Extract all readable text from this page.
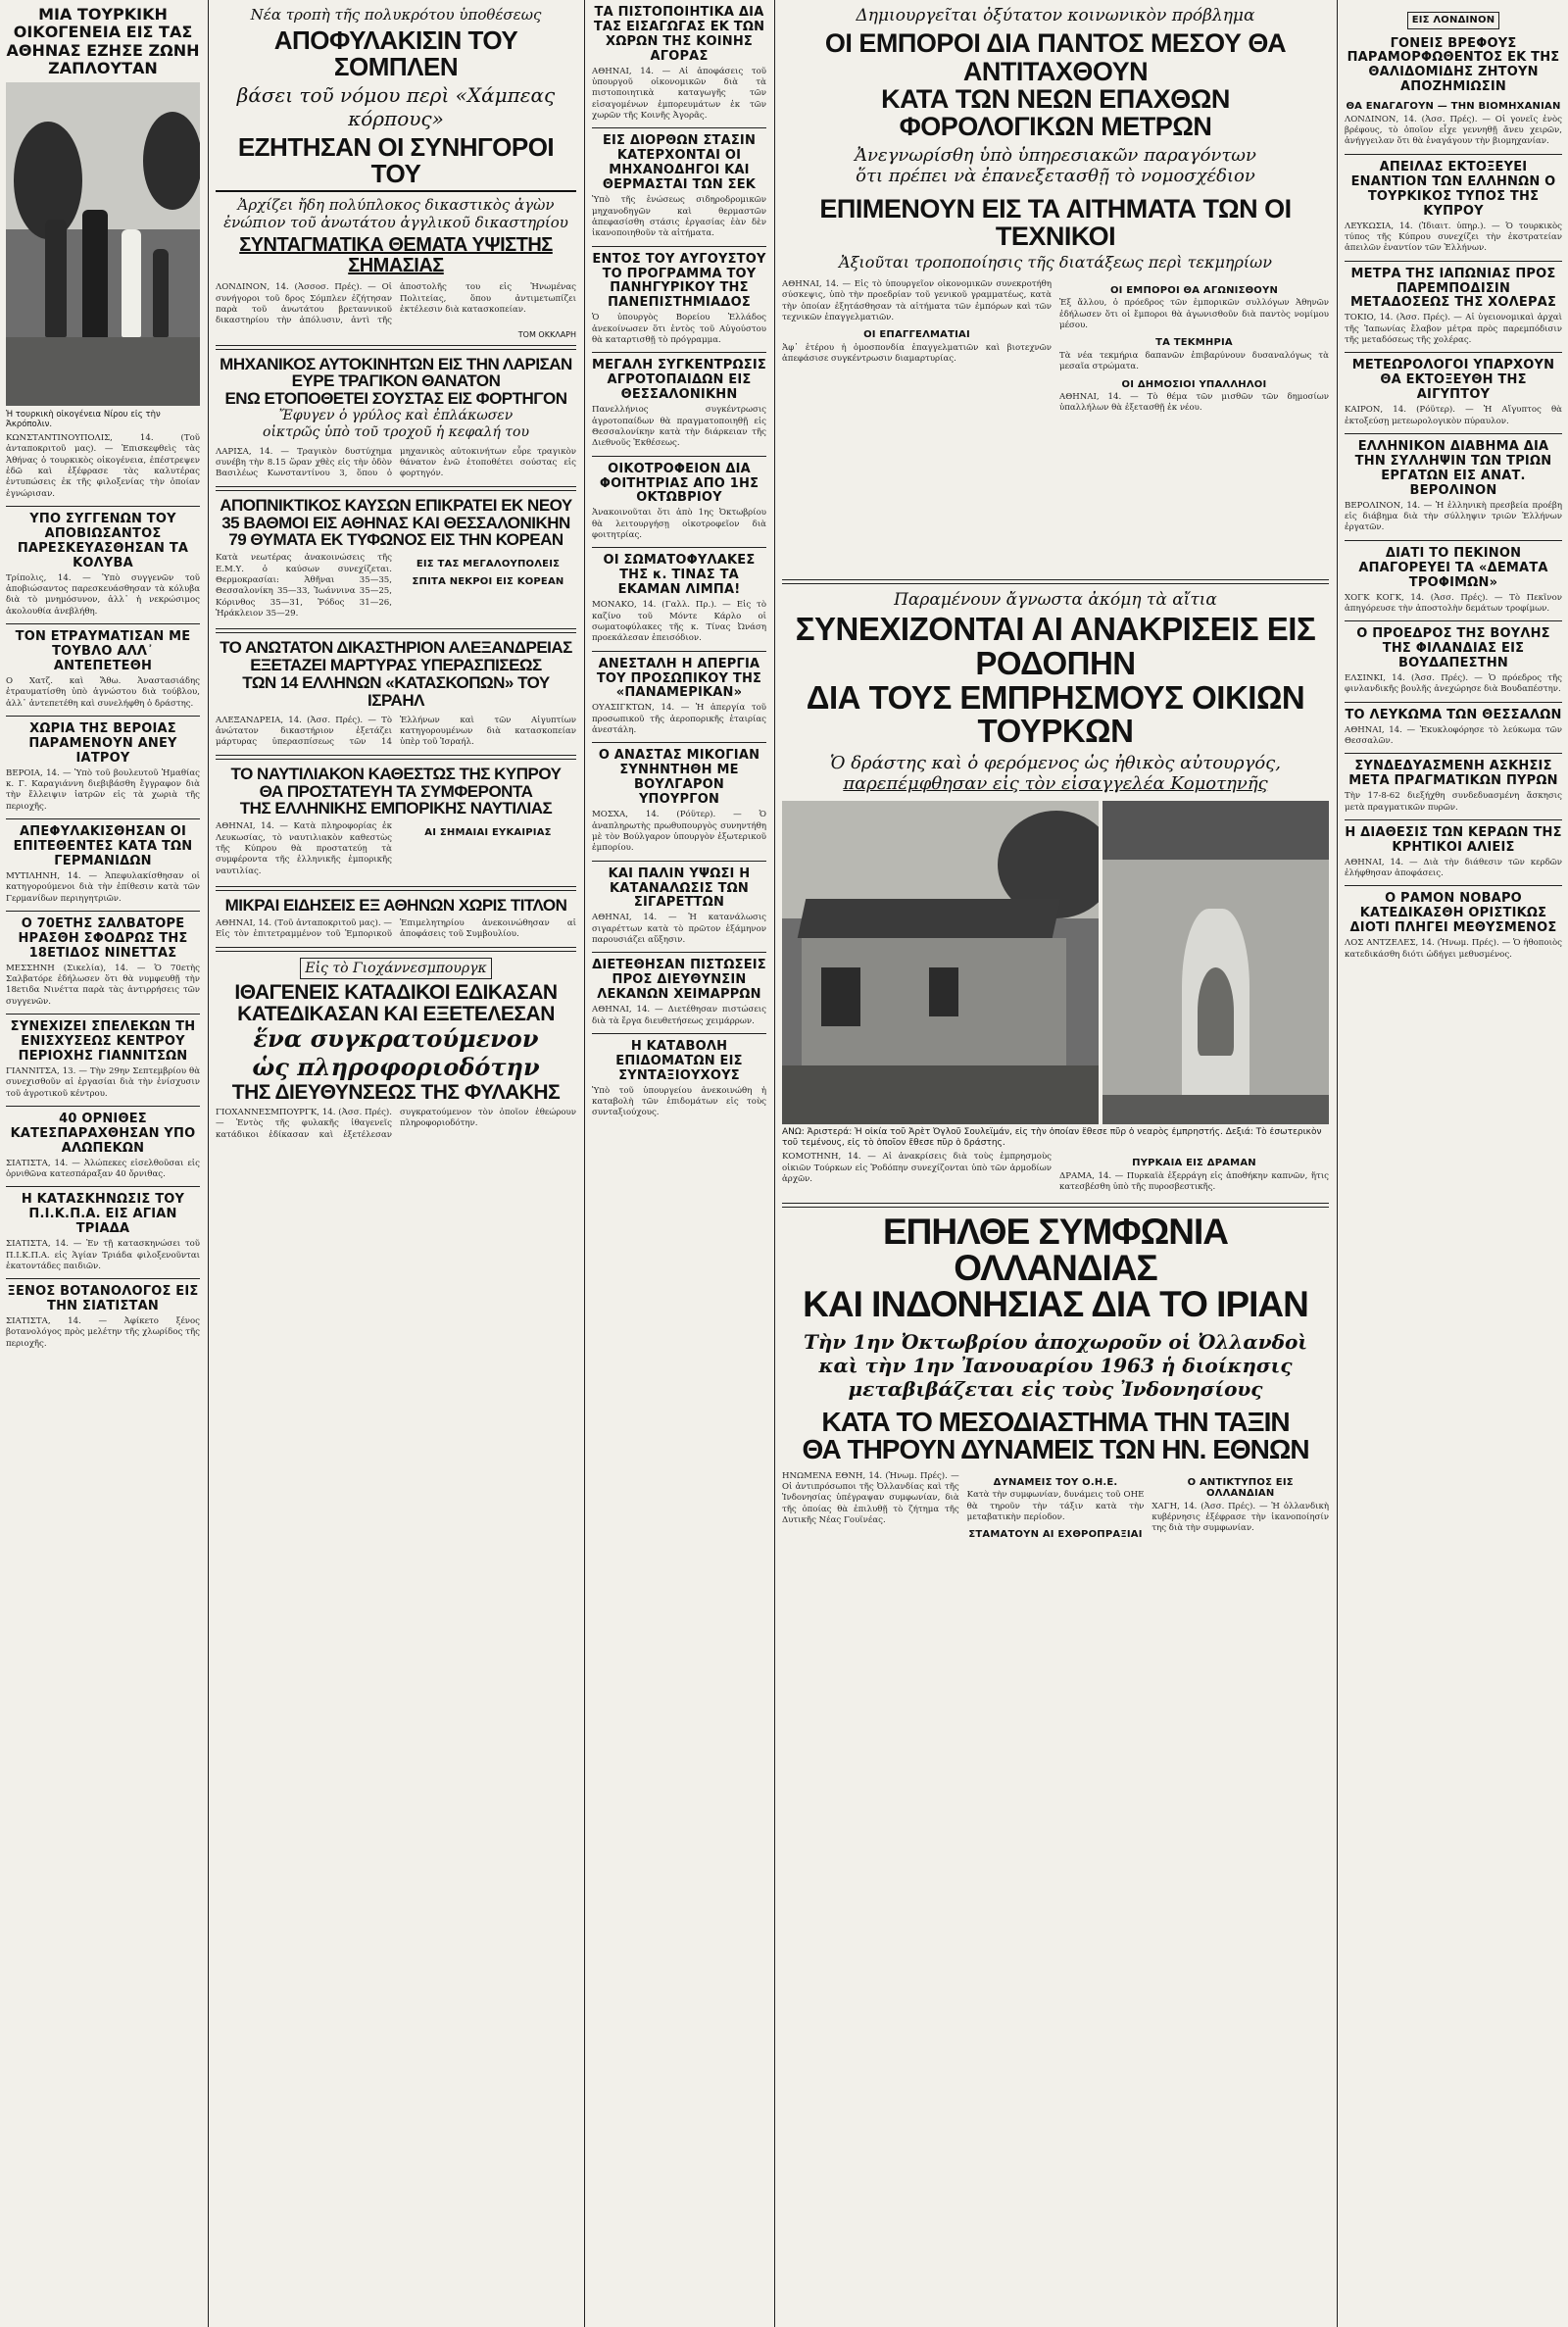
ΜΙΑ ΤΟΥΡΚΙΚΗ ΟΙΚΟΓΕΝΕΙΑ ΕΙΣ ΤΑΣ ΑΘΗΝΑΣ ΕΖΗΣΕ ΖΩΝΗ ΖΑΠΛΟΥΤΑΝ
Ἡ τουρκικὴ οἰκογένεια Νίρου εἰς τὴν Ἀκρόπολιν.

ΚΩΝΣΤΑΝΤΙΝΟΥΠΟΛΙΣ, 14. (Τοῦ ἀνταποκριτοῦ μας). — Ἐπισκεφθεὶς τὰς Ἀθήνας ὁ τουρκικὸς οἰκογένεια, ἐπέστρεψεν ἐδῶ καὶ ἐξέφρασε τὰς καλυτέρας ἐντυπώσεις ἐκ τῆς φιλοξενίας τὴν ὁποίαν ἐγνώρισαν.

ΥΠΟ ΣΥΓΓΕΝΩΝ ΤΟΥ ΑΠΟΒΙΩΣΑΝΤΟΣ ΠΑΡΕΣΚΕΥΑΣΘΗΣΑΝ ΤΑ ΚΟΛΥΒΑ

Τρίπολις, 14. — Ὑπὸ συγγενῶν τοῦ ἀποβιώσαντος παρεσκευάσθησαν τὰ κόλυβα διὰ τὸ μνημόσυνον, ἀλλ᾽ ἡ νεκρώσιμος ἀκολουθία ἀνεβλήθη.

ΤΟΝ ΕΤΡΑΥΜΑΤΙΣΑΝ ΜΕ ΤΟΥΒΛΟ ΑΛΛ᾽ ΑΝΤΕΠΕΤΕΘΗ

Ο Χατζ. καὶ Ἄθω. Ἀναστασιάδης ἐτραυματίσθη ὑπὸ ἀγνώστου διὰ τούβλου, ἀλλ᾽ ἀντεπετέθη καὶ συνελήφθη ὁ δράστης.

ΧΩΡΙΑ ΤΗΣ ΒΕΡΟΙΑΣ ΠΑΡΑΜΕΝΟΥΝ ΑΝΕΥ ΙΑΤΡΟΥ

ΒΕΡΟΙΑ, 14. — Ὑπὸ τοῦ βουλευτοῦ Ἠμαθίας κ. Γ. Καραγιάννη διεβιβάσθη ἔγγραφον διὰ τὴν ἔλλειψιν ἰατρῶν εἰς τὰ χωριὰ τῆς περιοχῆς.

ΑΠΕΦΥΛΑΚΙΣΘΗΣΑΝ ΟΙ ΕΠΙΤΕΘΕΝΤΕΣ ΚΑΤΑ ΤΩΝ ΓΕΡΜΑΝΙΔΩΝ

ΜΥΤΙΛΗΝΗ, 14. — Ἀπεφυλακίσθησαν οἱ κατηγορούμενοι διὰ τὴν ἐπίθεσιν κατὰ τῶν Γερμανίδων περιηγητριῶν.

Ο 70ΕΤΗΣ ΣΑΛΒΑΤΟΡΕ ΗΡΑΣΘΗ ΣΦΟΔΡΩΣ ΤΗΣ 18ΕΤΙΔΟΣ ΝΙΝΕΤΤΑΣ

ΜΕΣΣΗΝΗ (Σικελία), 14. — Ὁ 70ετὴς Σαλβατόρε ἐδήλωσεν ὅτι θὰ νυμφευθῇ τὴν 18ετιδα Νινέττα παρὰ τὰς ἀντιρρήσεις τῶν συγγενῶν.

ΣΥΝΕΧΙΖΕΙ ΣΠΕΛΕΚΩΝ ΤΗ ΕΝΙΣΧΥΣΕΩΣ ΚΕΝΤΡΟΥ ΠΕΡΙΟΧΗΣ ΓΙΑΝΝΙΤΣΩΝ

ΓΙΑΝΝΙΤΣΑ, 13. — Τὴν 29ην Σεπτεμβρίου θὰ συνεχισθοῦν αἱ ἐργασίαι διὰ τὴν ἐνίσχυσιν τοῦ ἀγροτικοῦ κέντρου.

40 ΟΡΝΙΘΕΣ ΚΑΤΕΣΠΑΡΑΧΘΗΣΑΝ ΥΠΟ ΑΛΩΠΕΚΩΝ

ΣΙΑΤΙΣΤΑ, 14. — Ἀλώπεκες εἰσελθοῦσαι εἰς ὀρνιθῶνα κατεσπάραξαν 40 ὄρνιθας.

Η ΚΑΤΑΣΚΗΝΩΣΙΣ ΤΟΥ Π.Ι.Κ.Π.Α. ΕΙΣ ΑΓΙΑΝ ΤΡΙΑΔΑ

ΣΙΑΤΙΣΤΑ, 14. — Ἐν τῇ κατασκηνώσει τοῦ Π.Ι.Κ.Π.Α. εἰς Ἁγίαν Τριάδα φιλοξενοῦνται ἑκατοντάδες παιδιῶν.

ΞΕΝΟΣ ΒΟΤΑΝΟΛΟΓΟΣ ΕΙΣ ΤΗΝ ΣΙΑΤΙΣΤΑΝ

ΣΙΑΤΙΣΤΑ, 14. — Ἀφίκετο ξένος βοτανολόγος πρὸς μελέτην τῆς χλωρίδος τῆς περιοχῆς.

Νέα τροπὴ τῆς πολυκρότου ὑποθέσεως
ΑΠΟΦΥΛΑΚΙΣΙΝ ΤΟΥ ΣΟΜΠΛΕΝ
βάσει τοῦ νόμου περὶ «Χάμπεας κόρπους»
ΕΖΗΤΗΣΑΝ ΟΙ ΣΥΝΗΓΟΡΟΙ ΤΟΥ
Ἀρχίζει ἤδη πολύπλοκος δικαστικὸς ἀγὼν
ἐνώπιον τοῦ ἀνωτάτου ἀγγλικοῦ δικαστηρίου
ΣΥΝΤΑΓΜΑΤΙΚΑ ΘΕΜΑΤΑ ΥΨΙΣΤΗΣ ΣΗΜΑΣΙΑΣ

ΛΟΝΔΙΝΟΝ, 14. (Ἀσσοσ. Πρές). — Οἱ συνήγοροι τοῦ δρος Σόμπλεν ἐζήτησαν παρὰ τοῦ ἀνωτάτου βρεταννικοῦ δικαστηρίου τὴν ἀπόλυσιν, ἀντὶ τῆς ἀποστολῆς του εἰς Ἡνωμένας Πολιτείας, ὅπου ἀντιμετωπίζει ἐκτέλεσιν διὰ κατασκοπείαν.

ΤΟΜ ΟΚΚΛΑΡΗ
ΜΗΧΑΝΙΚΟΣ ΑΥΤΟΚΙΝΗΤΩΝ ΕΙΣ ΤΗΝ ΛΑΡΙΣΑΝ ΕΥΡΕ ΤΡΑΓΙΚΟΝ ΘΑΝΑΤΟΝ
ΕΝΩ ΕΤΟΠΟΘΕΤΕΙ ΣΟΥΣΤΑΣ ΕΙΣ ΦΟΡΤΗΓΟΝ
Ἔφυγεν ὁ γρύλος καὶ ἐπλάκωσεν
οἰκτρῶς ὑπὸ τοῦ τροχοῦ ἡ κεφαλή του

ΛΑΡΙΣΑ, 14. — Τραγικὸν δυστύχημα συνέβη τὴν 8.15 ὥραν χθὲς εἰς τὴν ὁδὸν Βασιλέως Κωνσταντίνου 3, ὅπου ὁ μηχανικὸς αὐτοκινήτων εὗρε τραγικὸν θάνατον ἐνῶ ἐτοποθέτει σούστας εἰς φορτηγόν.

ΑΠΟΠΝΙΚΤΙΚΟΣ ΚΑΥΣΩΝ ΕΠΙΚΡΑΤΕΙ ΕΚ ΝΕΟΥ
35 ΒΑΘΜΟΙ ΕΙΣ ΑΘΗΝΑΣ ΚΑΙ ΘΕΣΣΑΛΟΝΙΚΗΝ
79 ΘΥΜΑΤΑ ΕΚ ΤΥΦΩΝΟΣ ΕΙΣ ΤΗΝ ΚΟΡΕΑΝ

Κατὰ νεωτέρας ἀνακοινώσεις τῆς Ε.Μ.Υ. ὁ καύσων συνεχίζεται. Θερμοκρασίαι: Ἀθῆναι 35—35, Θεσσαλονίκη 35—33, Ἰωάννινα 35—25, Κόρινθος 35—31, Ῥόδος 31—26, Ἡράκλειον 35—29.

ΕΙΣ ΤΑΣ ΜΕΓΑΛΟΥΠΟΛΕΙΣ
ΣΠΙΤΑ ΝΕΚΡΟΙ ΕΙΣ ΚΟΡΕΑΝ
ΤΟ ΑΝΩΤΑΤΟΝ ΔΙΚΑΣΤΗΡΙΟΝ ΑΛΕΞΑΝΔΡΕΙΑΣ
ΕΞΕΤΑΖΕΙ ΜΑΡΤΥΡΑΣ ΥΠΕΡΑΣΠΙΣΕΩΣ
ΤΩΝ 14 ΕΛΛΗΝΩΝ «ΚΑΤΑΣΚΟΠΩΝ» ΤΟΥ ΙΣΡΑΗΛ

ΑΛΕΞΑΝΔΡΕΙΑ, 14. (Ἀσσ. Πρές). — Τὸ ἀνώτατον δικαστήριον ἐξετάζει μάρτυρας ὑπερασπίσεως τῶν 14 Ἑλλήνων καὶ τῶν Αἰγυπτίων κατηγορουμένων διὰ κατασκοπείαν ὑπὲρ τοῦ Ἰσραήλ.

ΤΟ ΝΑΥΤΙΛΙΑΚΟΝ ΚΑΘΕΣΤΩΣ ΤΗΣ ΚΥΠΡΟΥ
ΘΑ ΠΡΟΣΤΑΤΕΥΗ ΤΑ ΣΥΜΦΕΡΟΝΤΑ
ΤΗΣ ΕΛΛΗΝΙΚΗΣ ΕΜΠΟΡΙΚΗΣ ΝΑΥΤΙΛΙΑΣ

ΑΘΗΝΑΙ, 14. — Κατὰ πληροφορίας ἐκ Λευκωσίας, τὸ ναυτιλιακὸν καθεστὼς τῆς Κύπρου θὰ προστατεύῃ τὰ συμφέροντα τῆς ἑλληνικῆς ἐμπορικῆς ναυτιλίας.

ΑΙ ΣΗΜΑΙΑΙ ΕΥΚΑΙΡΙΑΣ
ΜΙΚΡΑΙ ΕΙΔΗΣΕΙΣ ΕΞ ΑΘΗΝΩΝ ΧΩΡΙΣ ΤΙΤΛΟΝ

ΑΘΗΝΑΙ, 14. (Τοῦ ἀνταποκριτοῦ μας). — Εἰς τὸν ἐπιτετραμμένον τοῦ Ἐμπορικοῦ Ἐπιμελητηρίου ἀνεκοινώθησαν αἱ ἀποφάσεις τοῦ Συμβουλίου.

Εἰς τὸ Γιοχάννεσμπουργκ
ΙΘΑΓΕΝΕΙΣ ΚΑΤΑΔΙΚΟΙ ΕΔΙΚΑΣΑΝ
ΚΑΤΕΔΙΚΑΣΑΝ ΚΑΙ ΕΞΕΤΕΛΕΣΑΝ
ἕνα συγκρατούμενον
ὡς πληροφοριοδότην
ΤΗΣ ΔΙΕΥΘΥΝΣΕΩΣ ΤΗΣ ΦΥΛΑΚΗΣ

ΓΙΟΧΑΝΝΕΣΜΠΟΥΡΓΚ, 14. (Ἀσσ. Πρές). — Ἐντὸς τῆς φυλακῆς ἰθαγενεῖς κατάδικοι ἐδίκασαν καὶ ἐξετέλεσαν συγκρατούμενον τὸν ὁποῖον ἐθεώρουν πληροφοριοδότην.

ΤΑ ΠΙΣΤΟΠΟΙΗΤΙΚΑ ΔΙΑ ΤΑΣ ΕΙΣΑΓΩΓΑΣ ΕΚ ΤΩΝ ΧΩΡΩΝ ΤΗΣ ΚΟΙΝΗΣ ΑΓΟΡΑΣ

ΑΘΗΝΑΙ, 14. — Αἱ ἀποφάσεις τοῦ ὑπουργοῦ οἰκονομικῶν διὰ τὰ πιστοποιητικὰ καταγωγῆς τῶν εἰσαγομένων ἐμπορευμάτων ἐκ τῶν χωρῶν τῆς Κοινῆς Ἀγορᾶς.

ΕΙΣ ΔΙΟΡΘΩΝ ΣΤΑΣΙΝ ΚΑΤΕΡΧΟΝΤΑΙ ΟΙ ΜΗΧΑΝΟΔΗΓΟΙ ΚΑΙ ΘΕΡΜΑΣΤΑΙ ΤΩΝ ΣΕΚ

Ὑπὸ τῆς ἑνώσεως σιδηροδρομικῶν μηχανοδηγῶν καὶ θερμαστῶν ἀπεφασίσθη στάσις ἐργασίας ἐὰν δὲν ἱκανοποιηθοῦν τὰ αἰτήματα.

ΕΝΤΟΣ ΤΟΥ ΑΥΓΟΥΣΤΟΥ ΤΟ ΠΡΟΓΡΑΜΜΑ ΤΟΥ ΠΑΝΗΓΥΡΙΚΟΥ ΤΗΣ ΠΑΝΕΠΙΣΤΗΜΙΑΔΟΣ

Ὁ ὑπουργὸς Βορείου Ἑλλάδος ἀνεκοίνωσεν ὅτι ἐντὸς τοῦ Αὐγούστου θὰ καταρτισθῇ τὸ πρόγραμμα.

ΜΕΓΑΛΗ ΣΥΓΚΕΝΤΡΩΣΙΣ ΑΓΡΟΤΟΠΑΙΔΩΝ ΕΙΣ ΘΕΣΣΑΛΟΝΙΚΗΝ

Πανελλήνιος συγκέντρωσις ἀγροτοπαίδων θὰ πραγματοποιηθῇ εἰς Θεσσαλονίκην κατὰ τὴν διάρκειαν τῆς Διεθνοῦς Ἐκθέσεως.

ΟΙΚΟΤΡΟΦΕΙΟΝ ΔΙΑ ΦΟΙΤΗΤΡΙΑΣ ΑΠΟ 1ΗΣ ΟΚΤΩΒΡΙΟΥ

Ἀνακοινοῦται ὅτι ἀπὸ 1ης Ὀκτωβρίου θὰ λειτουργήσῃ οἰκοτροφεῖον διὰ φοιτητρίας.

ΟΙ ΣΩΜΑΤΟΦΥΛΑΚΕΣ ΤΗΣ κ. ΤΙΝΑΣ ΤΑ ΕΚΑΜΑΝ ΛΙΜΠΑ!

ΜΟΝΑΚΟ, 14. (Γαλλ. Πρ.). — Εἰς τὸ καζίνο τοῦ Μόντε Κάρλο οἱ σωματοφύλακες τῆς κ. Τίνας Ὠνάση προεκάλεσαν ἐπεισόδιον.

ΑΝΕΣΤΑΛΗ Η ΑΠΕΡΓΙΑ ΤΟΥ ΠΡΟΣΩΠΙΚΟΥ ΤΗΣ «ΠΑΝΑΜΕΡΙΚΑΝ»

ΟΥΑΣΙΓΚΤΩΝ, 14. — Ἡ ἀπεργία τοῦ προσωπικοῦ τῆς ἀεροπορικῆς ἑταιρίας ἀνεστάλη.

Ο ΑΝΑΣΤΑΣ ΜΙΚΟΓΙΑΝ ΣΥΝΗΝΤΗΘΗ ΜΕ ΒΟΥΛΓΑΡΟΝ ΥΠΟΥΡΓΟΝ

ΜΟΣΧΑ, 14. (Ρόϋτερ). — Ὁ ἀναπληρωτὴς πρωθυπουργὸς συνηντήθη μὲ τὸν Βούλγαρον ὑπουργὸν ἐξωτερικοῦ ἐμπορίου.

ΚΑΙ ΠΑΛΙΝ ΥΨΩΣΙ Η ΚΑΤΑΝΑΛΩΣΙΣ ΤΩΝ ΣΙΓΑΡΕΤΤΩΝ

ΑΘΗΝΑΙ, 14. — Ἡ κατανάλωσις σιγαρέττων κατὰ τὸ πρῶτον ἑξάμηνον παρουσιάζει αὔξησιν.

ΔΙΕΤΕΘΗΣΑΝ ΠΙΣΤΩΣΕΙΣ ΠΡΟΣ ΔΙΕΥΘΥΝΣΙΝ ΛΕΚΑΝΩΝ ΧΕΙΜΑΡΡΩΝ

ΑΘΗΝΑΙ, 14. — Διετέθησαν πιστώσεις διὰ τὰ ἔργα διευθετήσεως χειμάρρων.

Η ΚΑΤΑΒΟΛΗ ΕΠΙΔΟΜΑΤΩΝ ΕΙΣ ΣΥΝΤΑΞΙΟΥΧΟΥΣ

Ὑπὸ τοῦ ὑπουργείου ἀνεκοινώθη ἡ καταβολὴ τῶν ἐπιδομάτων εἰς τοὺς συνταξιούχους.

Δημιουργεῖται ὀξύτατον κοινωνικὸν πρόβλημα
ΟΙ ΕΜΠΟΡΟΙ ΔΙΑ ΠΑΝΤΟΣ ΜΕΣΟΥ ΘΑ ΑΝΤΙΤΑΧΘΟΥΝ
ΚΑΤΑ ΤΩΝ ΝΕΩΝ ΕΠΑΧΘΩΝ ΦΟΡΟΛΟΓΙΚΩΝ ΜΕΤΡΩΝ
Ἀνεγνωρίσθη ὑπὸ ὑπηρεσιακῶν παραγόντων
ὅτι πρέπει νὰ ἐπανεξετασθῇ τὸ νομοσχέδιον
ΕΠΙΜΕΝΟΥΝ ΕΙΣ ΤΑ ΑΙΤΗΜΑΤΑ ΤΩΝ ΟΙ ΤΕΧΝΙΚΟΙ
Ἀξιοῦται τροποποίησις τῆς διατάξεως περὶ τεκμηρίων

ΑΘΗΝΑΙ, 14. — Εἰς τὸ ὑπουργεῖον οἰκονομικῶν συνεκροτήθη σύσκεψις, ὑπὸ τὴν προεδρίαν τοῦ γενικοῦ γραμματέως, κατὰ τὴν ὁποίαν ἐξητάσθησαν τὰ αἰτήματα τῶν ἐμπόρων καὶ τῶν τεχνικῶν ἐπαγγελματιῶν.

ΟΙ ΕΠΑΓΓΕΛΜΑΤΙΑΙ

Ἀφ᾽ ἑτέρου ἡ ὁμοσπονδία ἐπαγγελματιῶν καὶ βιοτεχνῶν ἀπεφάσισε συγκέντρωσιν διαμαρτυρίας.

ΟΙ ΕΜΠΟΡΟΙ ΘΑ ΑΓΩΝΙΣΘΟΥΝ

Ἐξ ἄλλου, ὁ πρόεδρος τῶν ἐμπορικῶν συλλόγων Ἀθηνῶν ἐδήλωσεν ὅτι οἱ ἔμποροι θὰ ἀγωνισθοῦν διὰ παντὸς νομίμου μέσου.

ΤΑ ΤΕΚΜΗΡΙΑ

Τὰ νέα τεκμήρια δαπανῶν ἐπιβαρύνουν δυσαναλόγως τὰ μεσαῖα στρώματα.

ΟΙ ΔΗΜΟΣΙΟΙ ΥΠΑΛΛΗΛΟΙ

ΑΘΗΝΑΙ, 14. — Τὸ θέμα τῶν μισθῶν τῶν δημοσίων ὑπαλλήλων θὰ ἐξετασθῇ ἐκ νέου.

Παραμένουν ἄγνωστα ἀκόμη τὰ αἴτια
ΣΥΝΕΧΙΖΟΝΤΑΙ ΑΙ ΑΝΑΚΡΙΣΕΙΣ ΕΙΣ ΡΟΔΟΠΗΝ
ΔΙΑ ΤΟΥΣ ΕΜΠΡΗΣΜΟΥΣ ΟΙΚΙΩΝ ΤΟΥΡΚΩΝ
Ὁ δράστης καὶ ὁ φερόμενος ὡς ἠθικὸς αὐτουργός,
παρεπέμφθησαν εἰς τὸν εἰσαγγελέα Κομοτηνῆς
ΑΝΩ: Ἀριστερά: Ἡ οἰκία τοῦ Ἀρὲτ Ὀγλοῦ Σουλεϊμάν, εἰς τὴν ὁποίαν ἔθεσε πῦρ ὁ νεαρὸς ἐμπρηστής. Δεξιά: Τὸ ἐσωτερικὸν τοῦ τεμένους, εἰς τὸ ὁποῖον ἔθεσε πῦρ ὁ δράστης.

ΚΟΜΟΤΗΝΗ, 14. — Αἱ ἀνακρίσεις διὰ τοὺς ἐμπρησμοὺς οἰκιῶν Τούρκων εἰς Ῥοδόπην συνεχίζονται ὑπὸ τῶν ἀρμοδίων ἀρχῶν.

ΠΥΡΚΑΙΑ ΕΙΣ ΔΡΑΜΑΝ

ΔΡΑΜΑ, 14. — Πυρκαϊὰ ἐξερράγη εἰς ἀποθήκην καπνῶν, ἥτις κατεσβέσθη ὑπὸ τῆς πυροσβεστικῆς.

ΕΠΗΛΘΕ ΣΥΜΦΩΝΙΑ ΟΛΛΑΝΔΙΑΣ
ΚΑΙ ΙΝΔΟΝΗΣΙΑΣ ΔΙΑ ΤΟ ΙΡΙΑΝ
Τὴν 1ην Ὀκτωβρίου ἀποχωροῦν οἱ Ὀλλανδοὶ
καὶ τὴν 1ην Ἰανουαρίου 1963 ἡ διοίκησις
μεταβιβάζεται εἰς τοὺς Ἰνδονησίους
ΚΑΤΑ ΤΟ ΜΕΣΟΔΙΑΣΤΗΜΑ ΤΗΝ ΤΑΞΙΝ
ΘΑ ΤΗΡΟΥΝ ΔΥΝΑΜΕΙΣ ΤΩΝ ΗΝ. ΕΘΝΩΝ

ΗΝΩΜΕΝΑ ΕΘΝΗ, 14. (Ἡνωμ. Πρές). — Οἱ ἀντιπρόσωποι τῆς Ὀλλανδίας καὶ τῆς Ἰνδονησίας ὑπέγραψαν συμφωνίαν, διὰ τῆς ὁποίας θὰ ἐπιλυθῇ τὸ ζήτημα τῆς Δυτικῆς Νέας Γουϊνέας.

ΔΥΝΑΜΕΙΣ ΤΟΥ Ο.Η.Ε.

Κατὰ τὴν συμφωνίαν, δυνάμεις τοῦ ΟΗΕ θὰ τηροῦν τὴν τάξιν κατὰ τὴν μεταβατικὴν περίοδον.

ΣΤΑΜΑΤΟΥΝ ΑΙ ΕΧΘΡΟΠΡΑΞΙΑΙ
Ο ΑΝΤΙΚΤΥΠΟΣ ΕΙΣ ΟΛΛΑΝΔΙΑΝ

ΧΑΓΗ, 14. (Ἀσσ. Πρές). — Ἡ ὀλλανδικὴ κυβέρνησις ἐξέφρασε τὴν ἱκανοποίησίν της διὰ τὴν συμφωνίαν.

ΕΙΣ ΛΟΝΔΙΝΟΝ
ΓΟΝΕΙΣ ΒΡΕΦΟΥΣ ΠΑΡΑΜΟΡΦΩΘΕΝΤΟΣ ΕΚ ΤΗΣ ΘΑΛΙΔΟΜΙΔΗΣ ΖΗΤΟΥΝ ΑΠΟΖΗΜΙΩΣΙΝ
ΘΑ ΕΝΑΓΑΓΟΥΝ — ΤΗΝ ΒΙΟΜΗΧΑΝΙΑΝ

ΛΟΝΔΙΝΟΝ, 14. (Ἀσσ. Πρές). — Οἱ γονεῖς ἑνὸς βρέφους, τὸ ὁποῖον εἶχε γεννηθῇ ἄνευ χειρῶν, ἀνήγγειλαν ὅτι θὰ ἐναγάγουν τὴν βιομηχανίαν.

ΑΠΕΙΛΑΣ ΕΚΤΟΞΕΥΕΙ ΕΝΑΝΤΙΟΝ ΤΩΝ ΕΛΛΗΝΩΝ Ο ΤΟΥΡΚΙΚΟΣ ΤΥΠΟΣ ΤΗΣ ΚΥΠΡΟΥ

ΛΕΥΚΩΣΙΑ, 14. (Ἰδιαιτ. ὑπηρ.). — Ὁ τουρκικὸς τύπος τῆς Κύπρου συνεχίζει τὴν ἐκστρατείαν ἀπειλῶν ἐναντίον τῶν Ἑλλήνων.

ΜΕΤΡΑ ΤΗΣ ΙΑΠΩΝΙΑΣ ΠΡΟΣ ΠΑΡΕΜΠΟΔΙΣΙΝ ΜΕΤΑΔΟΣΕΩΣ ΤΗΣ ΧΟΛΕΡΑΣ

ΤΟΚΙΟ, 14. (Ἀσσ. Πρές). — Αἱ ὑγειονομικαὶ ἀρχαὶ τῆς Ἰαπωνίας ἔλαβον μέτρα πρὸς παρεμπόδισιν τῆς μεταδόσεως τῆς χολέρας.

ΜΕΤΕΩΡΟΛΟΓΟΙ ΥΠΑΡΧΟΥΝ ΘΑ ΕΚΤΟΞΕΥΘΗ ΤΗΣ ΑΙΓΥΠΤΟΥ

ΚΑΙΡΟΝ, 14. (Ρόϋτερ). — Ἡ Αἴγυπτος θὰ ἐκτοξεύσῃ μετεωρολογικὸν πύραυλον.

ΕΛΛΗΝΙΚΟΝ ΔΙΑΒΗΜΑ ΔΙΑ ΤΗΝ ΣΥΛΛΗΨΙΝ ΤΩΝ ΤΡΙΩΝ ΕΡΓΑΤΩΝ ΕΙΣ ΑΝΑΤ. ΒΕΡΟΛΙΝΟΝ

ΒΕΡΟΛΙΝΟΝ, 14. — Ἡ ἑλληνικὴ πρεσβεία προέβη εἰς διάβημα διὰ τὴν σύλληψιν τριῶν Ἑλλήνων ἐργατῶν.

ΔΙΑΤΙ ΤΟ ΠΕΚΙΝΟΝ ΑΠΑΓΟΡΕΥΕΙ ΤΑ «ΔΕΜΑΤΑ ΤΡΟΦΙΜΩΝ»

ΧΟΓΚ ΚΟΓΚ, 14. (Ἀσσ. Πρές). — Τὸ Πεκῖνον ἀπηγόρευσε τὴν ἀποστολὴν δεμάτων τροφίμων.

Ο ΠΡΟΕΔΡΟΣ ΤΗΣ ΒΟΥΛΗΣ ΤΗΣ ΦΙΛΑΝΔΙΑΣ ΕΙΣ ΒΟΥΔΑΠΕΣΤΗΝ

ΕΛΣΙΝΚΙ, 14. (Ἀσσ. Πρές). — Ὁ πρόεδρος τῆς φινλανδικῆς βουλῆς ἀνεχώρησε διὰ Βουδαπέστην.

ΤΟ ΛΕΥΚΩΜΑ ΤΩΝ ΘΕΣΣΑΛΩΝ

ΑΘΗΝΑΙ, 14. — Ἐκυκλοφόρησε τὸ λεύκωμα τῶν Θεσσαλῶν.

ΣΥΝΔΕΔΥΑΣΜΕΝΗ ΑΣΚΗΣΙΣ ΜΕΤΑ ΠΡΑΓΜΑΤΙΚΩΝ ΠΥΡΩΝ

Τὴν 17-8-62 διεξήχθη συνδεδυασμένη ἄσκησις μετὰ πραγματικῶν πυρῶν.

Η ΔΙΑΘΕΣΙΣ ΤΩΝ ΚΕΡΑΩΝ ΤΗΣ ΚΡΗΤΙΚΟΙ ΑΛΙΕΙΣ

ΑΘΗΝΑΙ, 14. — Διὰ τὴν διάθεσιν τῶν κερδῶν ἐλήφθησαν ἀποφάσεις.

Ο ΡΑΜΟΝ ΝΟΒΑΡΟ ΚΑΤΕΔΙΚΑΣΘΗ ΟΡΙΣΤΙΚΩΣ ΔΙΟΤΙ ΠΛΗΓΕΙ ΜΕΘΥΣΜΕΝΟΣ

ΛΟΣ ΑΝΤΖΕΛΕΣ, 14. (Ἡνωμ. Πρές). — Ὁ ἠθοποιὸς κατεδικάσθη διότι ὡδήγει μεθυσμένος.
